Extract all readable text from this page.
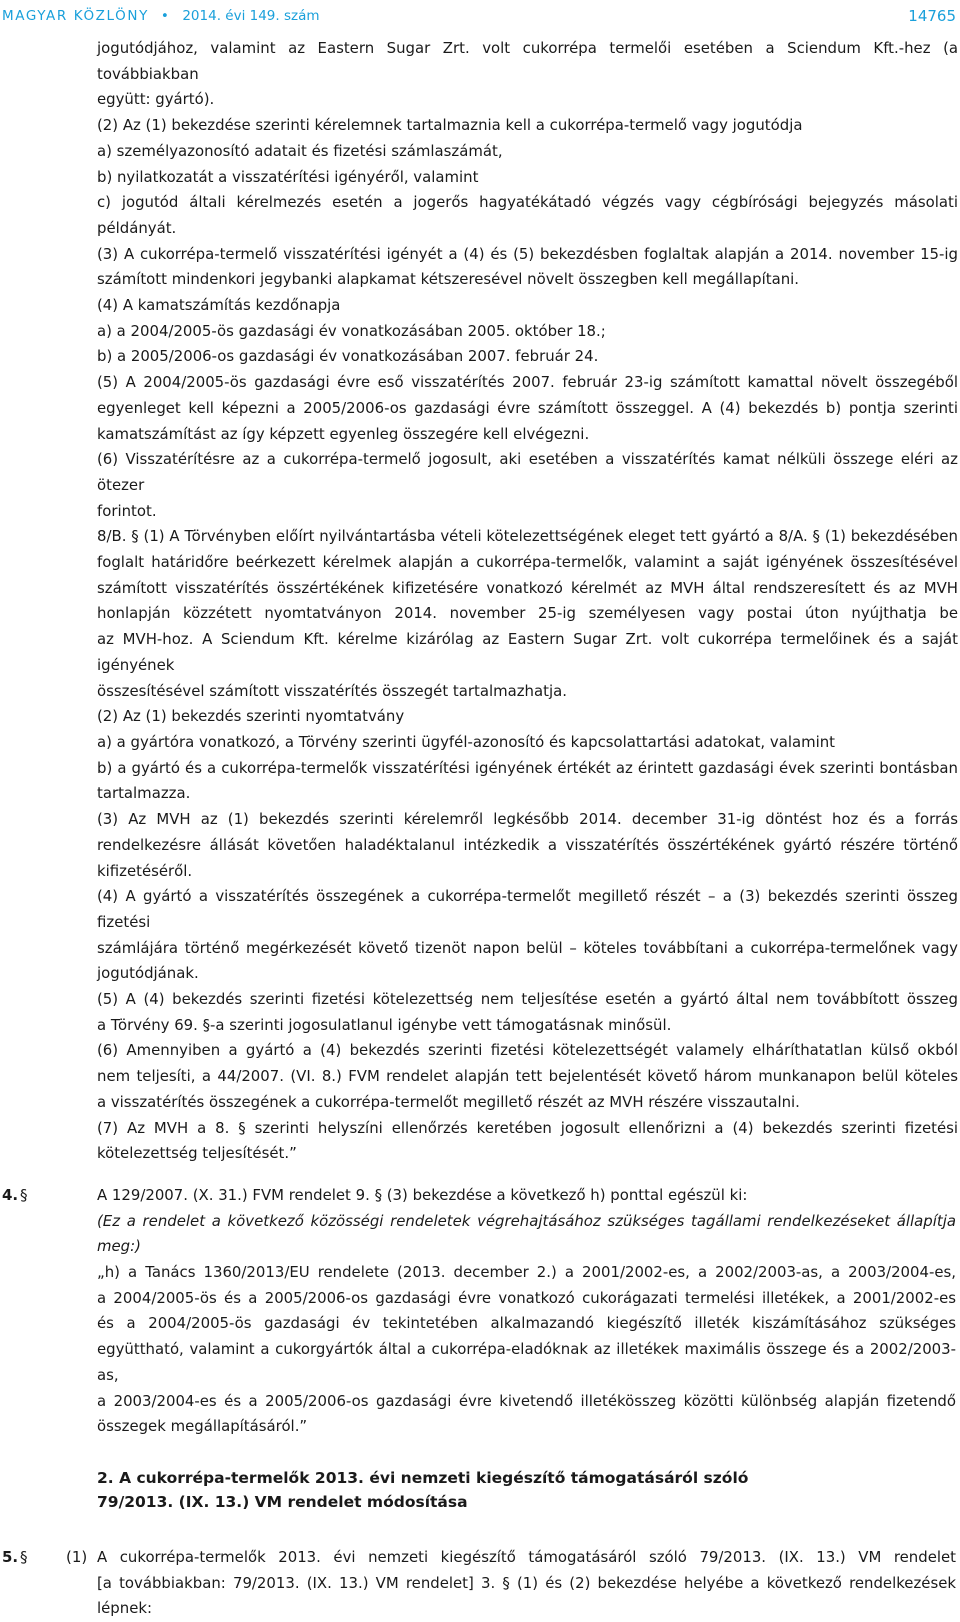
MAGYAR KÖZLÖNY • 2014. évi 149. szám	14765

jogutódjához, valamint az Eastern Sugar Zrt. volt cukorrépa termelői esetében a Sciendum Kft.-hez (a továbbiakban

együtt: gyártó).

(2) Az (1) bekezdése szerinti kérelemnek tartalmaznia kell a cukorrépa-termelő vagy jogutódja

a) személyazonosító adatait és fizetési számlaszámát,

b) nyilatkozatát a visszatérítési igényéről, valamint

c) jogutód általi kérelmezés esetén a jogerős hagyatékátadó végzés vagy cégbírósági bejegyzés másolati példányát.

(3) A cukorrépa-termelő visszatérítési igényét a (4) és (5) bekezdésben foglaltak alapján a 2014. november 15-ig

számított mindenkori jegybanki alapkamat kétszeresével növelt összegben kell megállapítani.

(4) A kamatszámítás kezdőnapja

a) a 2004/2005-ös gazdasági év vonatkozásában 2005. október 18.;

b) a 2005/2006-os gazdasági év vonatkozásában 2007. február 24.

(5) A 2004/2005-ös gazdasági évre eső visszatérítés 2007. február 23-ig számított kamattal növelt összegéből

egyenleget kell képezni a 2005/2006-os gazdasági évre számított összeggel. A (4) bekezdés b) pontja szerinti

kamatszámítást az így képzett egyenleg összegére kell elvégezni.

(6) Visszatérítésre az a cukorrépa-termelő jogosult, aki esetében a visszatérítés kamat nélküli összege eléri az ötezer

forintot.

8/B. § (1) A Törvényben előírt nyilvántartásba vételi kötelezettségének eleget tett gyártó a 8/A. § (1) bekezdésében

foglalt határidőre beérkezett kérelmek alapján a cukorrépa-termelők, valamint a saját igényének összesítésével

számított visszatérítés összértékének kifizetésére vonatkozó kérelmét az MVH által rendszeresített és az MVH

honlapján közzétett nyomtatványon 2014. november 25-ig személyesen vagy postai úton nyújthatja be

az MVH-hoz. A Sciendum Kft. kérelme kizárólag az Eastern Sugar Zrt. volt cukorrépa termelőinek és a saját igényének

összesítésével számított visszatérítés összegét tartalmazhatja.

(2) Az (1) bekezdés szerinti nyomtatvány

a) a gyártóra vonatkozó, a Törvény szerinti ügyfél-azonosító és kapcsolattartási adatokat, valamint

b) a gyártó és a cukorrépa-termelők visszatérítési igényének értékét az érintett gazdasági évek szerinti bontásban

tartalmazza.

(3) Az MVH az (1) bekezdés szerinti kérelemről legkésőbb 2014. december 31-ig döntést hoz és a forrás

rendelkezésre állását követően haladéktalanul intézkedik a visszatérítés összértékének gyártó részére történő

kifizetéséről.

(4) A gyártó a visszatérítés összegének a cukorrépa-termelőt megillető részét – a (3) bekezdés szerinti összeg fizetési

számlájára történő megérkezését követő tizenöt napon belül – köteles továbbítani a cukorrépa-termelőnek vagy

jogutódjának.

(5) A (4) bekezdés szerinti fizetési kötelezettség nem teljesítése esetén a gyártó által nem továbbított összeg

a Törvény 69. §-a szerinti jogosulatlanul igénybe vett támogatásnak minősül.

(6) Amennyiben a gyártó a (4) bekezdés szerinti fizetési kötelezettségét valamely elháríthatatlan külső okból

nem teljesíti, a 44/2007. (VI. 8.) FVM rendelet alapján tett bejelentését követő három munkanapon belül köteles

a visszatérítés összegének a cukorrépa-termelőt megillető részét az MVH részére visszautalni.

(7) Az MVH a 8. § szerinti helyszíni ellenőrzés keretében jogosult ellenőrizni a (4) bekezdés szerinti fizetési

kötelezettség teljesítését.”

4. §	A 129/2007. (X. 31.) FVM rendelet 9. § (3) bekezdése a következő h) ponttal egészül ki:

(Ez a rendelet a következő közösségi rendeletek végrehajtásához szükséges tagállami rendelkezéseket állapítja meg:)

„h) a Tanács 1360/2013/EU rendelete (2013. december 2.) a 2001/2002-es, a 2002/2003-as, a 2003/2004-es,

a 2004/2005-ös és a 2005/2006-os gazdasági évre vonatkozó cukorágazati termelési illetékek, a 2001/2002-es

és a 2004/2005-ös gazdasági év tekintetében alkalmazandó kiegészítő illeték kiszámításához szükséges

együttható, valamint a cukorgyártók által a cukorrépa-eladóknak az illetékek maximális összege és a 2002/2003-as,

a 2003/2004-es és a 2005/2006-os gazdasági évre kivetendő illetékösszeg közötti különbség alapján fizetendő

összegek megállapításáról.”

2. A cukorrépa-termelők 2013. évi nemzeti kiegészítő támogatásáról szóló

79/2013. (IX. 13.) VM rendelet módosítása

5. §	(1) A cukorrépa-termelők 2013. évi nemzeti kiegészítő támogatásáról szóló 79/2013. (IX. 13.) VM rendelet

[a továbbiakban: 79/2013. (IX. 13.) VM rendelet] 3. § (1) és (2) bekezdése helyébe a következő rendelkezések lépnek:
